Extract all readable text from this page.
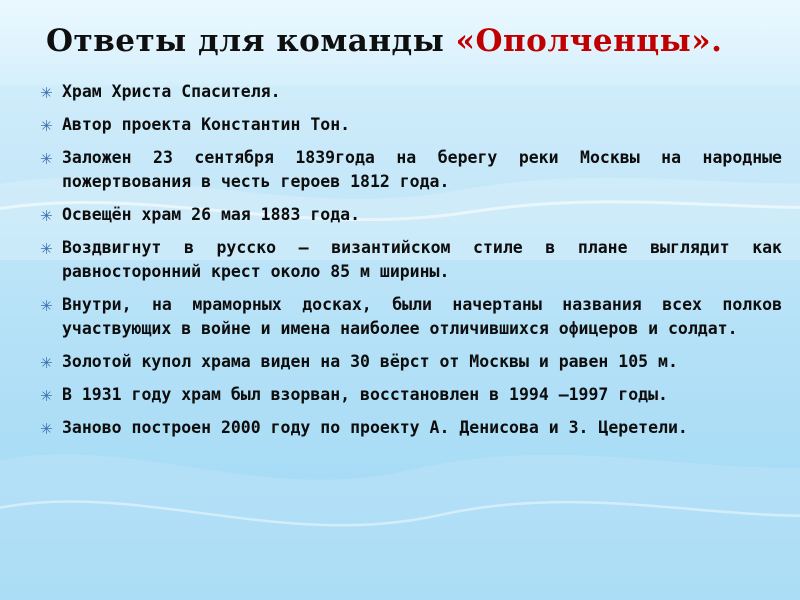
Ответы для команды «Ополченцы».
✳ Храм Христа Спасителя.
✳ Автор проекта Константин Тон.
✳ Заложен 23 сентября 1839года на берегу реки Москвы на народные пожертвования в честь героев 1812 года.
✳ Освещён храм 26 мая 1883 года.
✳ Воздвигнут в русско – византийском стиле в плане выглядит как равносторонний крест около 85 м ширины.
✳ Внутри, на мраморных досках, были начертаны названия всех полков участвующих в войне и имена наиболее отличившихся офицеров и солдат.
✳ Золотой купол храма виден на 30 вёрст от Москвы и равен 105 м.
✳ В 1931 году храм был взорван, восстановлен в 1994 –1997 годы.
✳ Заново построен 2000 году по проекту А. Денисова и З. Церетели.
